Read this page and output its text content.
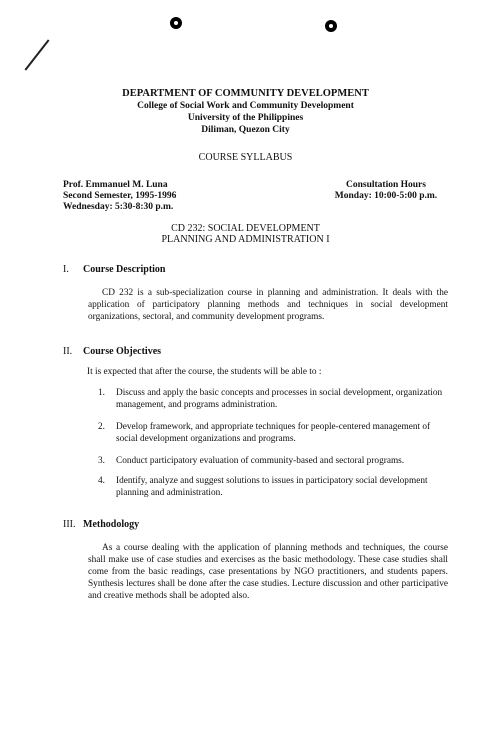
DEPARTMENT OF COMMUNITY DEVELOPMENT
College of Social Work and Community Development
University of the Philippines
Diliman, Quezon City
COURSE SYLLABUS
Prof. Emmanuel M. Luna
Second Semester, 1995-1996
Wednesday: 5:30-8:30 p.m.
Consultation Hours
Monday: 10:00-5:00 p.m.
CD 232: SOCIAL DEVELOPMENT
PLANNING AND ADMINISTRATION I
I. Course Description
CD 232 is a sub-specialization course in planning and administration. It deals with the application of participatory planning methods and techniques in social development organizations, sectoral, and community development programs.
II. Course Objectives
It is expected that after the course, the students will be able to :
1. Discuss and apply the basic concepts and processes in social development, organization management, and programs administration.
2. Develop framework, and appropriate techniques for people-centered management of social development organizations and programs.
3. Conduct participatory evaluation of community-based and sectoral programs.
4. Identify, analyze and suggest solutions to issues in participatory social development planning and administration.
III. Methodology
As a course dealing with the application of planning methods and techniques, the course shall make use of case studies and exercises as the basic methodology. These case studies shall come from the basic readings, case presentations by NGO practitioners, and students papers. Synthesis lectures shall be done after the case studies. Lecture discussion and other participative and creative methods shall be adopted also.
